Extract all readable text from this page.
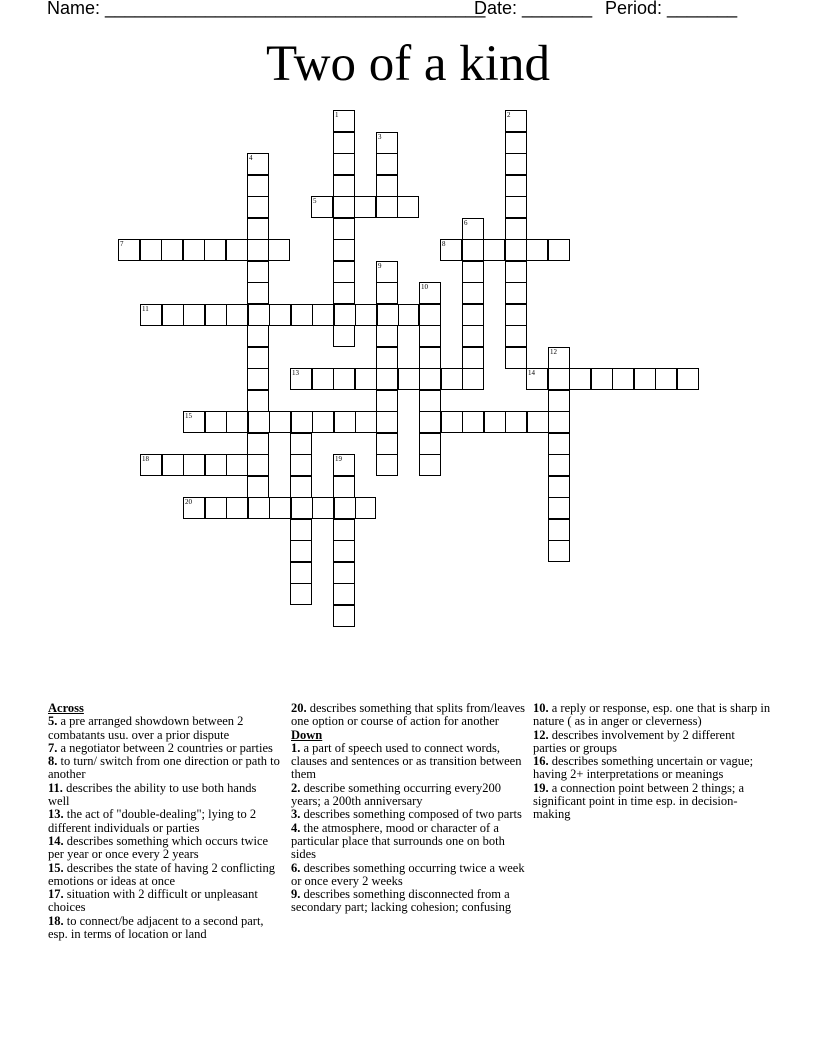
Name: ______________________________________
Date: _______ Period: _______
Two of a kind
1	2
3
4
5
6
7	8
9
10
11
12
13	14
15
18	19
20
Across
5. a pre arranged showdown between 2 combatants usu. over a prior dispute
7. a negotiator between 2 countries or parties
8. to turn/ switch from one direction or path to another
11. describes the ability to use both hands well
13. the act of "double-dealing"; lying to 2 different individuals or parties
14. describes something which occurs twice per year or once every 2 years
15. describes the state of having 2 conflicting emotions or ideas at once
17. situation with 2 difficult or unpleasant choices
18. to connect/be adjacent to a second part, esp. in terms of location or land
20. describes something that splits from/leaves one option or course of action for another
Down
1. a part of speech used to connect words, clauses and sentences or as transition between them
2. describe something occurring every200 years; a 200th anniversary
3. describes something composed of two parts
4. the atmosphere, mood or character of a particular place that surrounds one on both sides
6. describes something occurring twice a week or once every 2 weeks
9. describes something disconnected from a secondary part; lacking cohesion; confusing
10. a reply or response, esp. one that is sharp in nature ( as in anger or cleverness)
12. describes involvement by 2 different parties or groups
16. describes something uncertain or vague; having 2+ interpretations or meanings
19. a connection point between 2 things; a significant point in time esp. in decision-making
